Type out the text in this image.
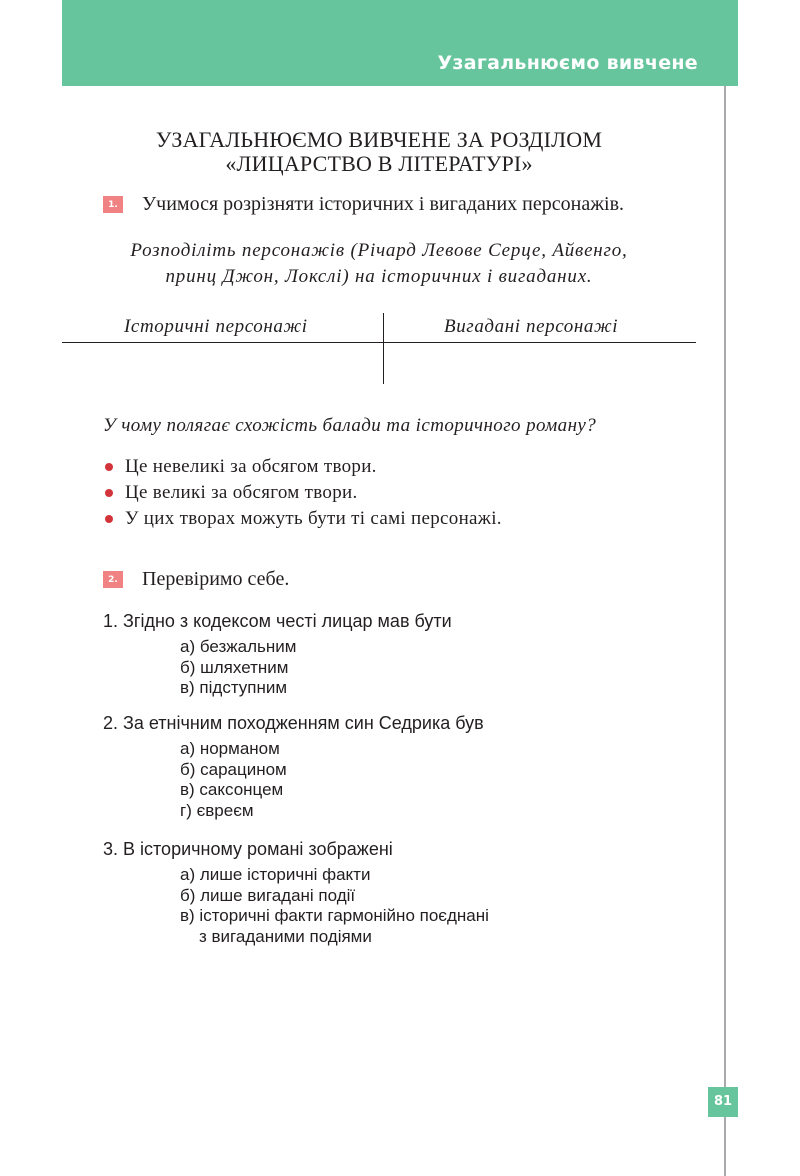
Узагальнюємо вивчене
УЗАГАЛЬНЮЄМО ВИВЧЕНЕ ЗА РОЗДІЛОМ
«ЛИЦАРСТВО В ЛІТЕРАТУРІ»
1. Учимося розрізняти історичних і вигаданих персонажів.
Розподіліть персонажів (Річард Левове Серце, Айвенго,
принц Джон, Локслі) на історичних і вигаданих.
Історичні персонажі	Вигадані персонажі
У чому полягає схожість балади та історичного роману?
Це невеликі за обсягом твори.
Це великі за обсягом твори.
У цих творах можуть бути ті самі персонажі.
2. Перевіримо себе.
1. Згідно з кодексом честі лицар мав бути
а) безжальним
б) шляхетним
в) підступним
2. За етнічним походженням син Седрика був
а) норманом
б) сарацином
в) саксонцем
г) євреєм
3. В історичному романі зображені
а) лише історичні факти
б) лише вигадані події
в) історичні факти гармонійно поєднані
з вигаданими подіями
81
